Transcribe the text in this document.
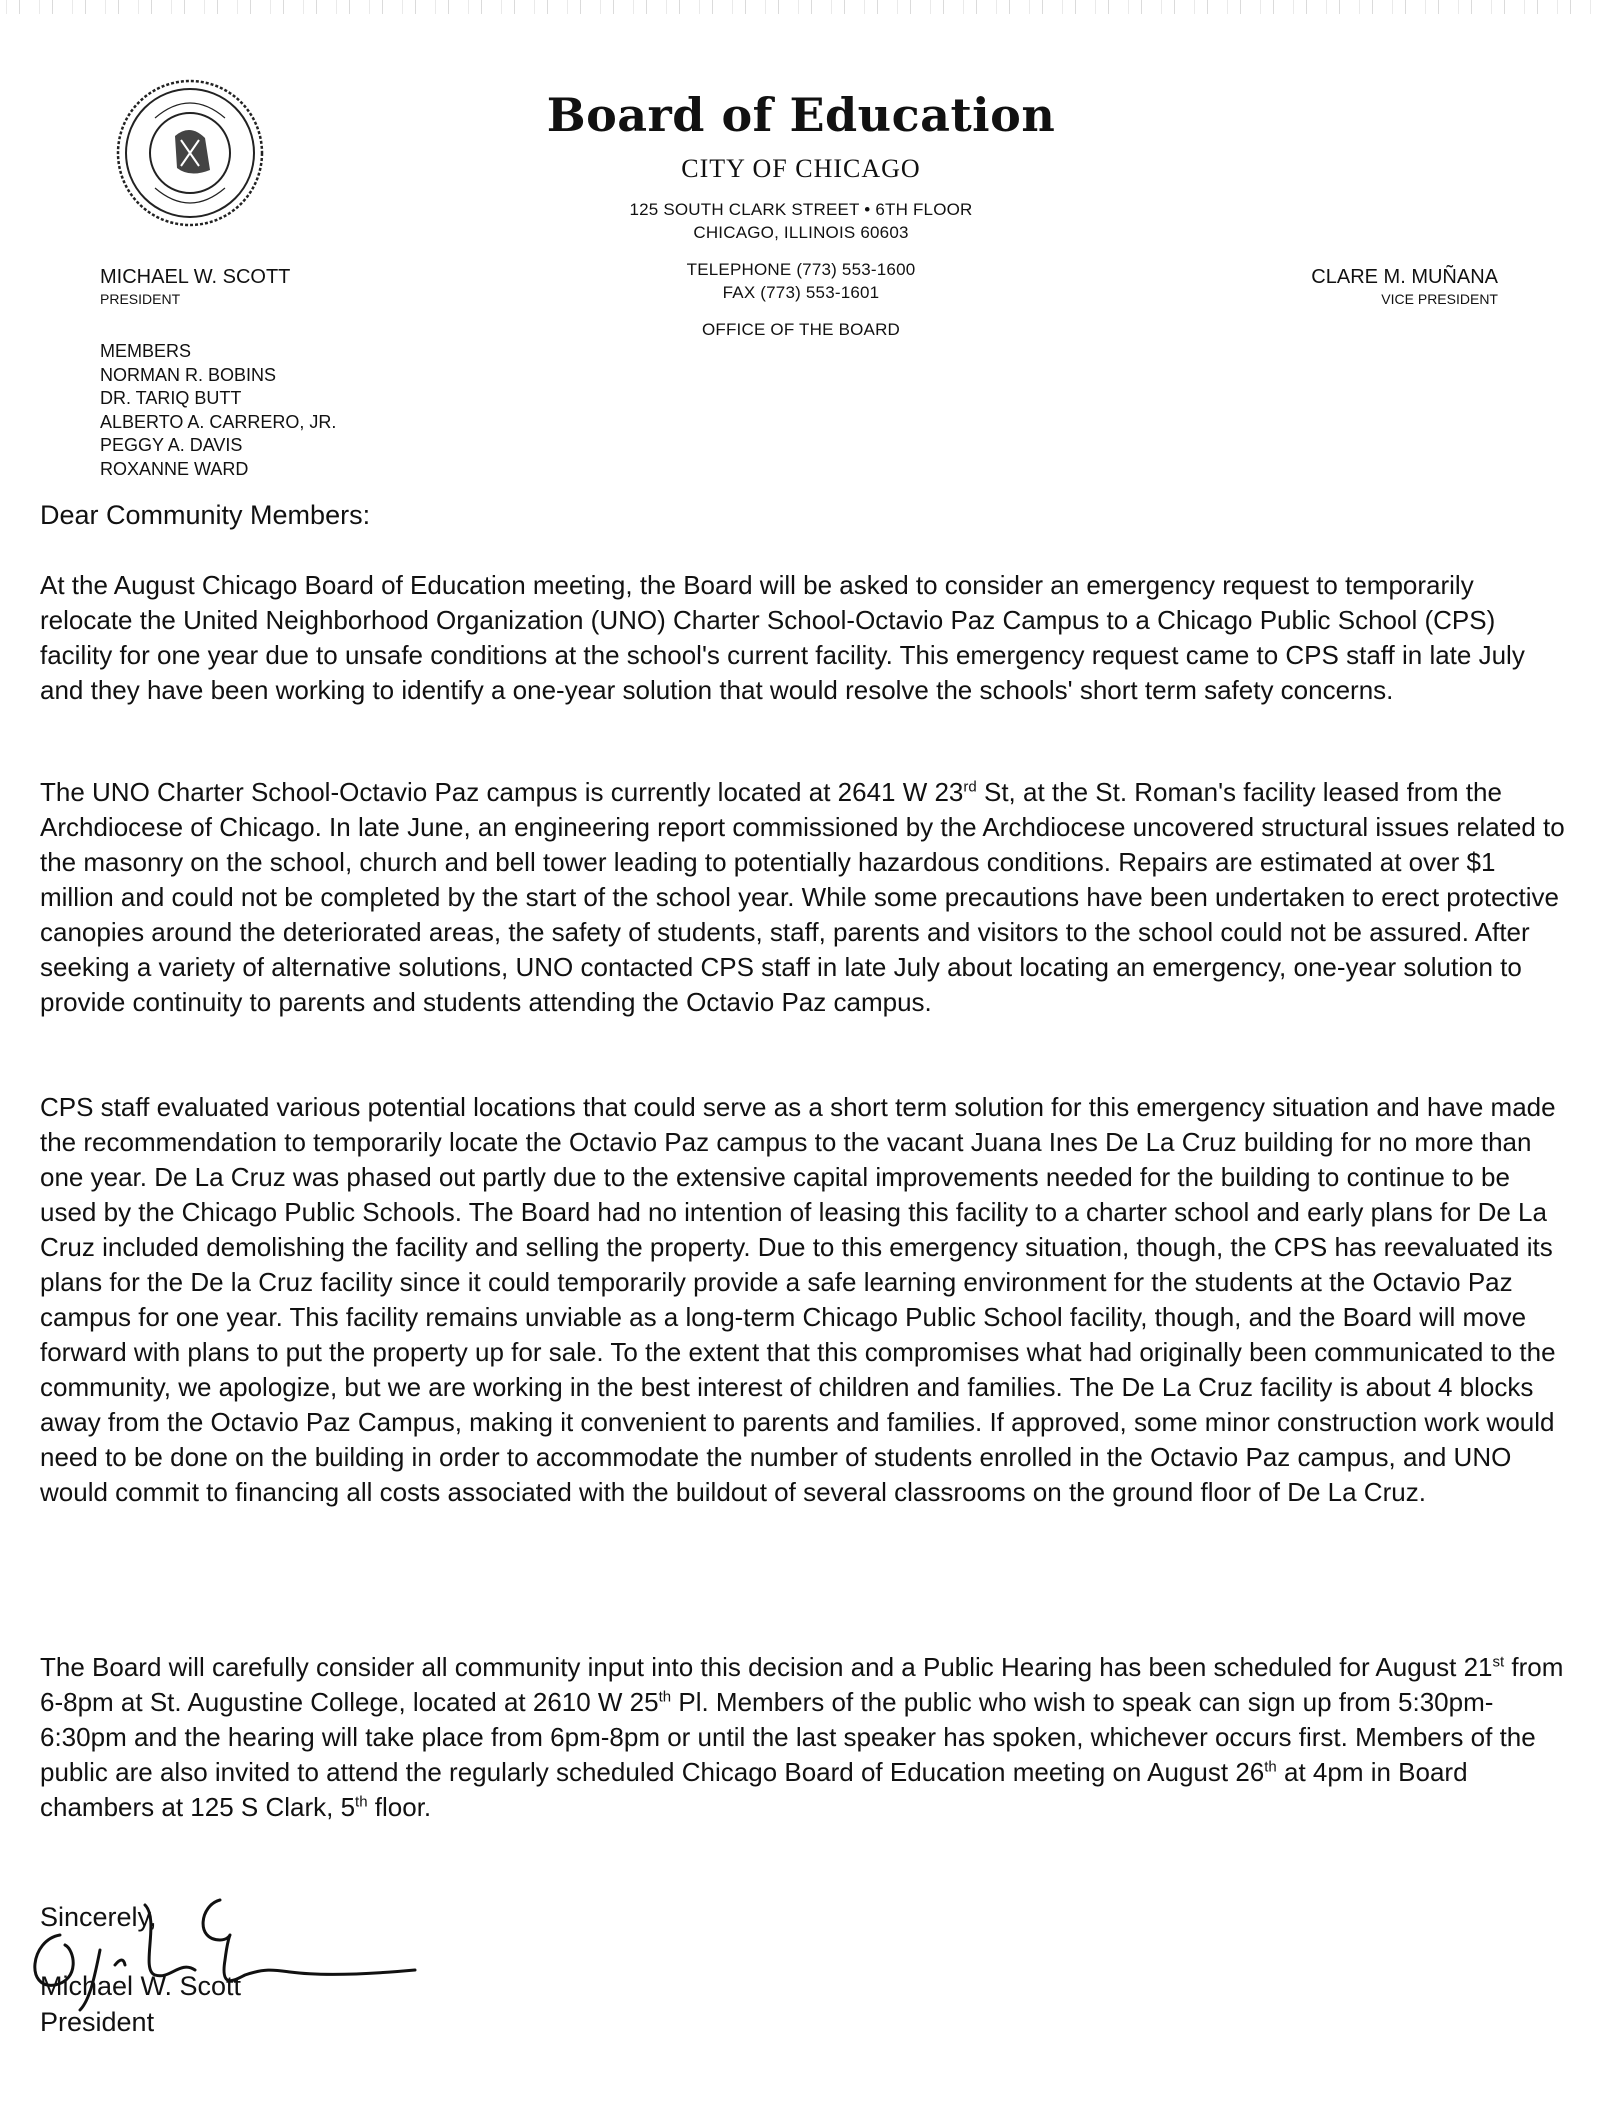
Board of Education
CITY OF CHICAGO
125 SOUTH CLARK STREET • 6TH FLOOR
CHICAGO, ILLINOIS 60603
TELEPHONE (773) 553-1600
FAX (773) 553-1601
OFFICE OF THE BOARD
MICHAEL W. SCOTT
PRESIDENT
CLARE M. MUÑANA
VICE PRESIDENT
MEMBERS
NORMAN R. BOBINS
DR. TARIQ BUTT
ALBERTO A. CARRERO, JR.
PEGGY A. DAVIS
ROXANNE WARD
Dear Community Members:

At the August Chicago Board of Education meeting, the Board will be asked to consider an emergency request to temporarily relocate the United Neighborhood Organization (UNO) Charter School-Octavio Paz Campus to a Chicago Public School (CPS) facility for one year due to unsafe conditions at the school's current facility. This emergency request came to CPS staff in late July and they have been working to identify a one-year solution that would resolve the schools' short term safety concerns.

The UNO Charter School-Octavio Paz campus is currently located at 2641 W 23rd St, at the St. Roman's facility leased from the Archdiocese of Chicago. In late June, an engineering report commissioned by the Archdiocese uncovered structural issues related to the masonry on the school, church and bell tower leading to potentially hazardous conditions. Repairs are estimated at over $1 million and could not be completed by the start of the school year. While some precautions have been undertaken to erect protective canopies around the deteriorated areas, the safety of students, staff, parents and visitors to the school could not be assured. After seeking a variety of alternative solutions, UNO contacted CPS staff in late July about locating an emergency, one-year solution to provide continuity to parents and students attending the Octavio Paz campus.

CPS staff evaluated various potential locations that could serve as a short term solution for this emergency situation and have made the recommendation to temporarily locate the Octavio Paz campus to the vacant Juana Ines De La Cruz building for no more than one year. De La Cruz was phased out partly due to the extensive capital improvements needed for the building to continue to be used by the Chicago Public Schools. The Board had no intention of leasing this facility to a charter school and early plans for De La Cruz included demolishing the facility and selling the property. Due to this emergency situation, though, the CPS has reevaluated its plans for the De la Cruz facility since it could temporarily provide a safe learning environment for the students at the Octavio Paz campus for one year. This facility remains unviable as a long-term Chicago Public School facility, though, and the Board will move forward with plans to put the property up for sale. To the extent that this compromises what had originally been communicated to the community, we apologize, but we are working in the best interest of children and families. The De La Cruz facility is about 4 blocks away from the Octavio Paz Campus, making it convenient to parents and families. If approved, some minor construction work would need to be done on the building in order to accommodate the number of students enrolled in the Octavio Paz campus, and UNO would commit to financing all costs associated with the buildout of several classrooms on the ground floor of De La Cruz.

The Board will carefully consider all community input into this decision and a Public Hearing has been scheduled for August 21st from 6-8pm at St. Augustine College, located at 2610 W 25th Pl. Members of the public who wish to speak can sign up from 5:30pm-6:30pm and the hearing will take place from 6pm-8pm or until the last speaker has spoken, whichever occurs first. Members of the public are also invited to attend the regularly scheduled Chicago Board of Education meeting on August 26th at 4pm in Board chambers at 125 S Clark, 5th floor.

Sincerely,
Michael W. Scott
President
